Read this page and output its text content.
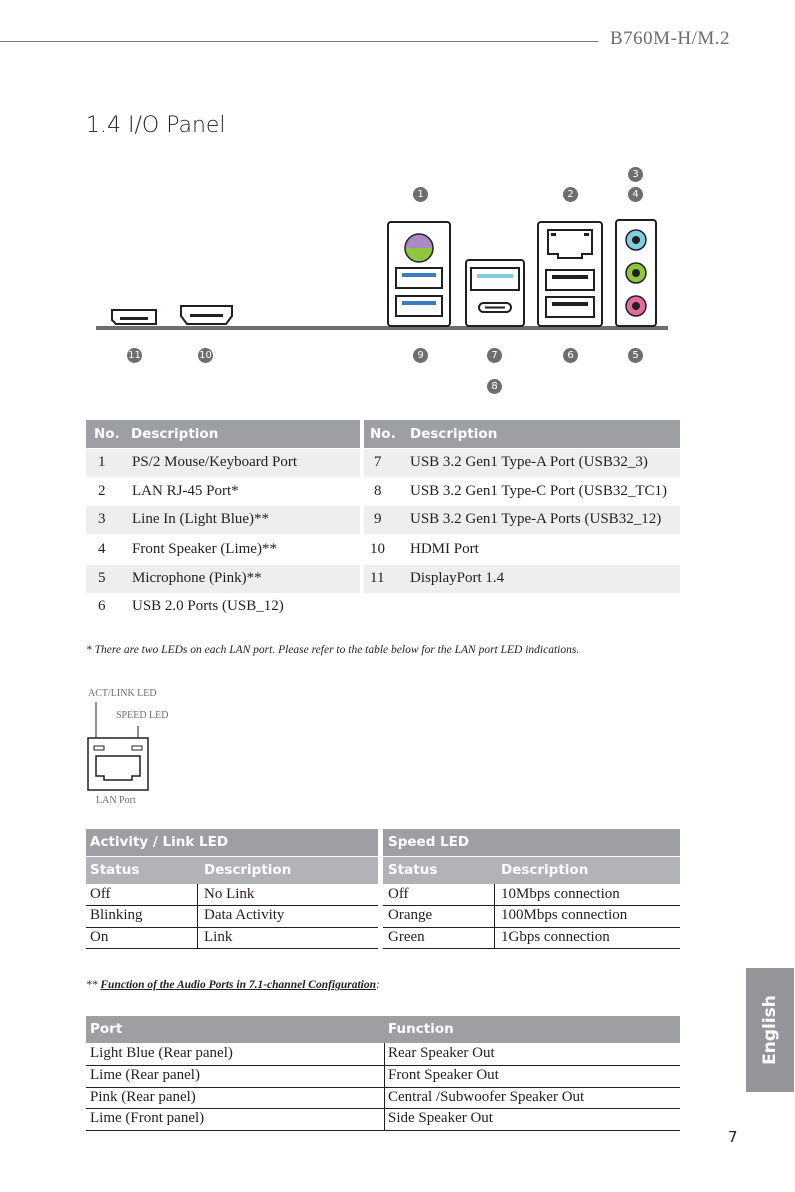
B760M-H/M.2
1.4 I/O Panel
3
1	2	4
11	10	9	7	6	5
8
No. Description	No. Description
1 PS/2 Mouse/Keyboard Port
2 LAN RJ-45 Port*
3 Line In (Light Blue)**
4 Front Speaker (Lime)**
5 Microphone (Pink)**
6 USB 2.0 Ports (USB_12)
7 USB 3.2 Gen1 Type-A Port (USB32_3)
8 USB 3.2 Gen1 Type-C Port (USB32_TC1)
9 USB 3.2 Gen1 Type-A Ports (USB32_12)
10 HDMI Port
11 DisplayPort 1.4
* There are two LEDs on each LAN port. Please refer to the table below for the LAN port LED indications.
ACT/LINK LED
SPEED LED
LAN Port
Activity / Link LED	Speed LED
Status	Description	Status	Description
Off	No Link
Blinking	Data Activity
On	Link
Off	10Mbps connection
Orange	100Mbps connection
Green	1Gbps connection
** Function of the Audio Ports in 7.1-channel Configuration:
Port	Function
Light Blue (Rear panel)	Rear Speaker Out
Lime (Rear panel)	Front Speaker Out
Pink (Rear panel)	Central /Subwoofer Speaker Out
Lime (Front panel)	Side Speaker Out
English
7
